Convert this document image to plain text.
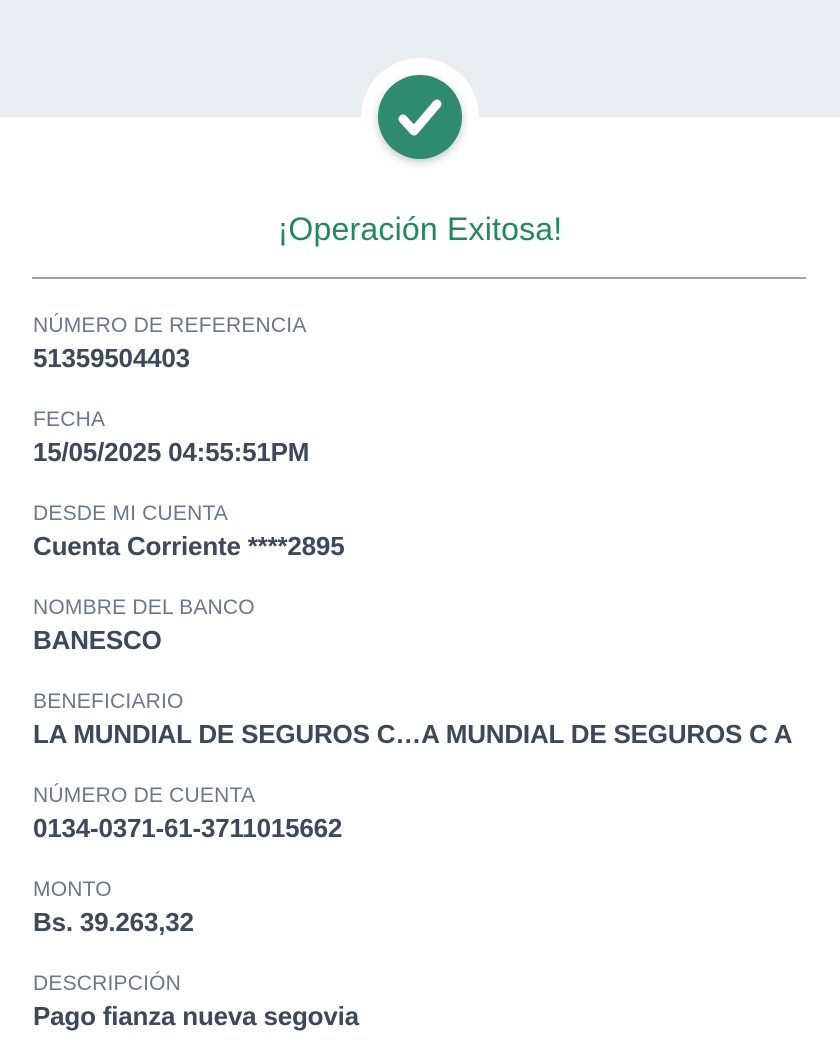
¡Operación Exitosa!
NÚMERO DE REFERENCIA
51359504403
FECHA
15/05/2025 04:55:51PM
DESDE MI CUENTA
Cuenta Corriente ****2895
NOMBRE DEL BANCO
BANESCO
BENEFICIARIO
LA MUNDIAL DE SEGUROS C…A MUNDIAL DE SEGUROS C A
NÚMERO DE CUENTA
0134-0371-61-3711015662
MONTO
Bs. 39.263,32
DESCRIPCIÓN
Pago fianza nueva segovia
